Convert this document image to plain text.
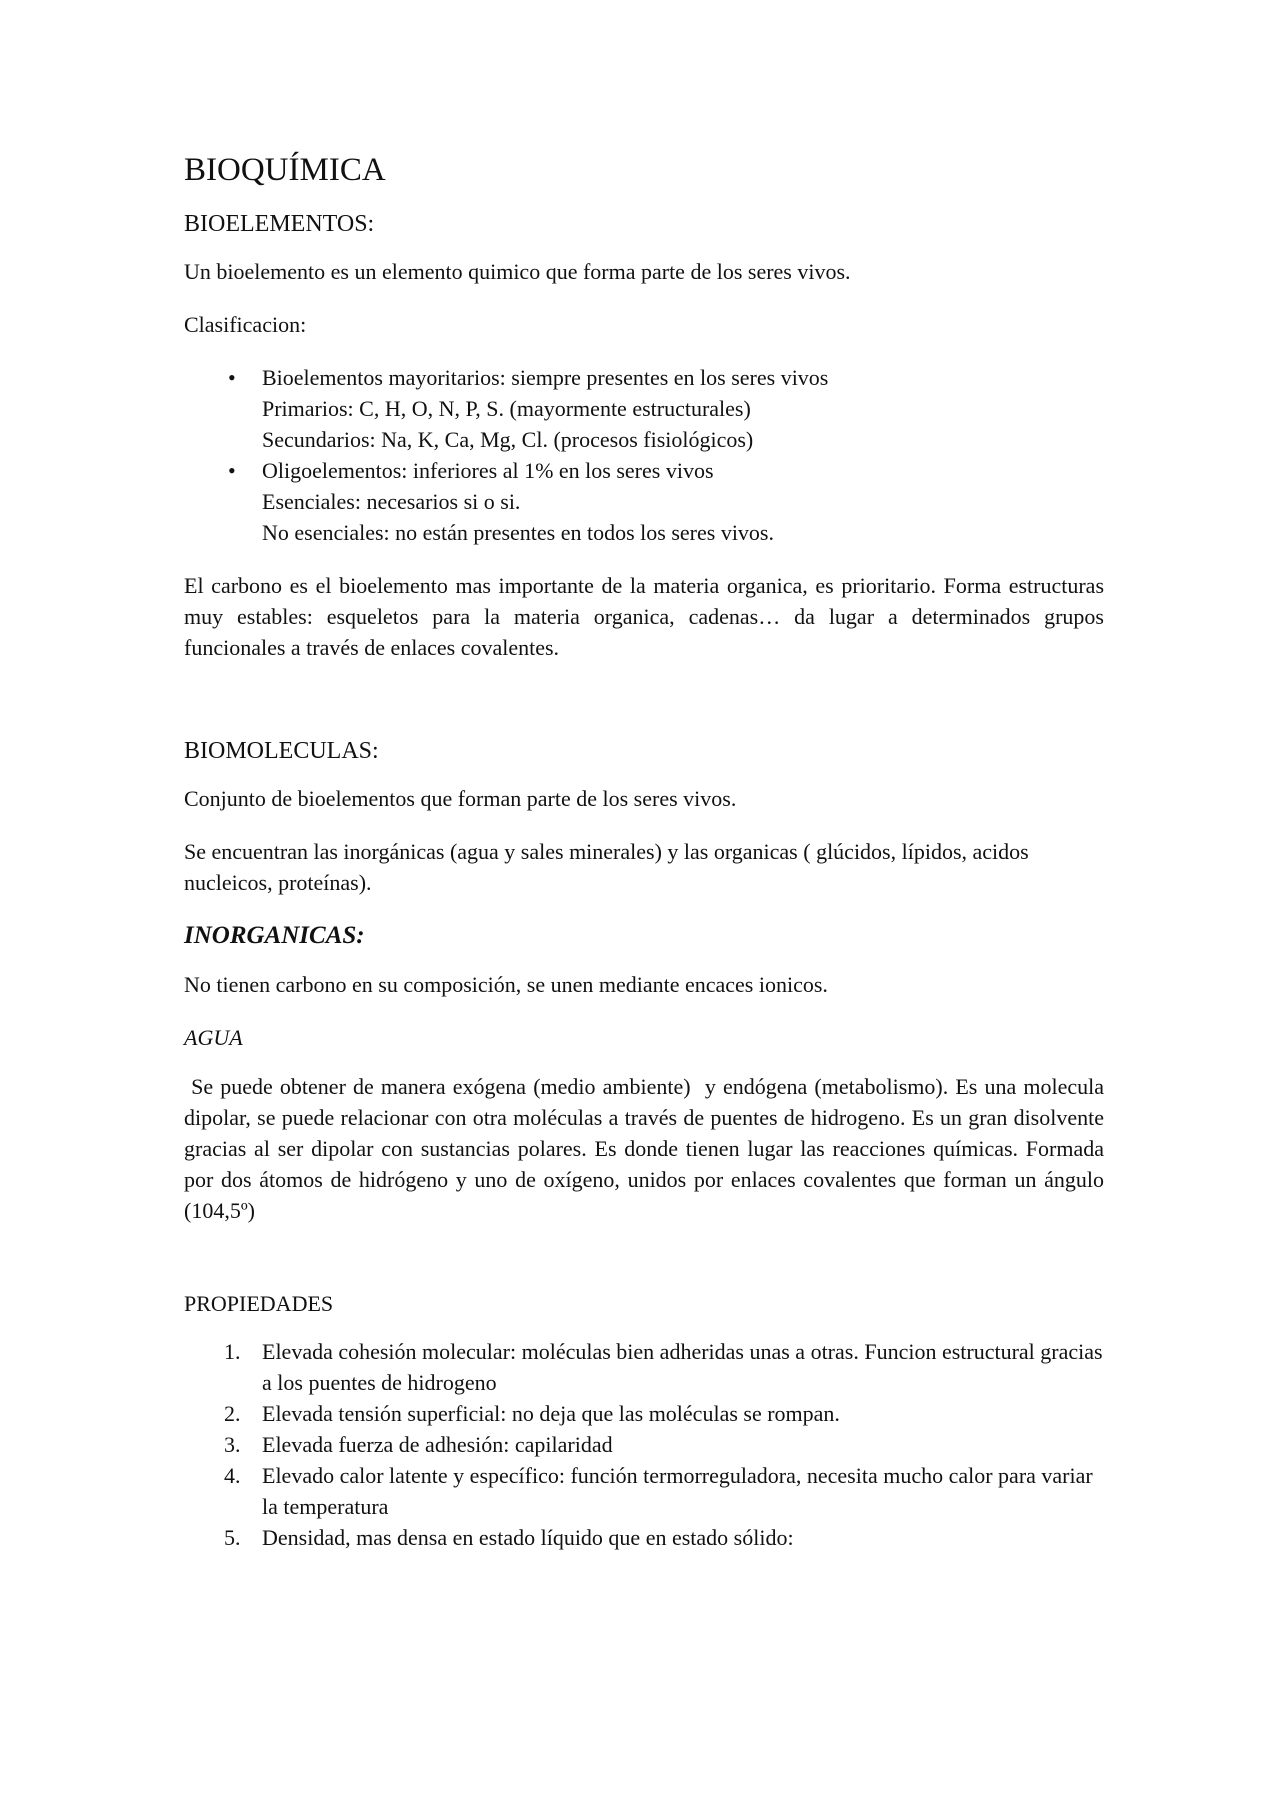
BIOQUÍMICA
BIOELEMENTOS:

Un bioelemento es un elemento quimico que forma parte de los seres vivos.

Clasificacion:

• Bioelementos mayoritarios: siempre presentes en los seres vivos
Primarios: C, H, O, N, P, S. (mayormente estructurales)
Secundarios: Na, K, Ca, Mg, Cl. (procesos fisiológicos)
• Oligoelementos: inferiores al 1% en los seres vivos
Esenciales: necesarios si o si.
No esenciales: no están presentes en todos los seres vivos.

El carbono es el bioelemento mas importante de la materia organica, es prioritario. Forma estructuras muy estables: esqueletos para la materia organica, cadenas… da lugar a determinados grupos funcionales a través de enlaces covalentes.

BIOMOLECULAS:

Conjunto de bioelementos que forman parte de los seres vivos.

Se encuentran las inorgánicas (agua y sales minerales) y las organicas ( glúcidos, lípidos, acidos nucleicos, proteínas).

INORGANICAS:

No tienen carbono en su composición, se unen mediante encaces ionicos.

AGUA

Se puede obtener de manera exógena (medio ambiente)  y endógena (metabolismo). Es una molecula dipolar, se puede relacionar con otra moléculas a través de puentes de hidrogeno. Es un gran disolvente gracias al ser dipolar con sustancias polares. Es donde tienen lugar las reacciones químicas. Formada por dos átomos de hidrógeno y uno de oxígeno, unidos por enlaces covalentes que forman un ángulo (104,5º)

PROPIEDADES
1. Elevada cohesión molecular: moléculas bien adheridas unas a otras. Funcion estructural gracias a los puentes de hidrogeno
2. Elevada tensión superficial: no deja que las moléculas se rompan.
3. Elevada fuerza de adhesión: capilaridad
4. Elevado calor latente y específico: función termorreguladora, necesita mucho calor para variar la temperatura
5. Densidad, mas densa en estado líquido que en estado sólido:
